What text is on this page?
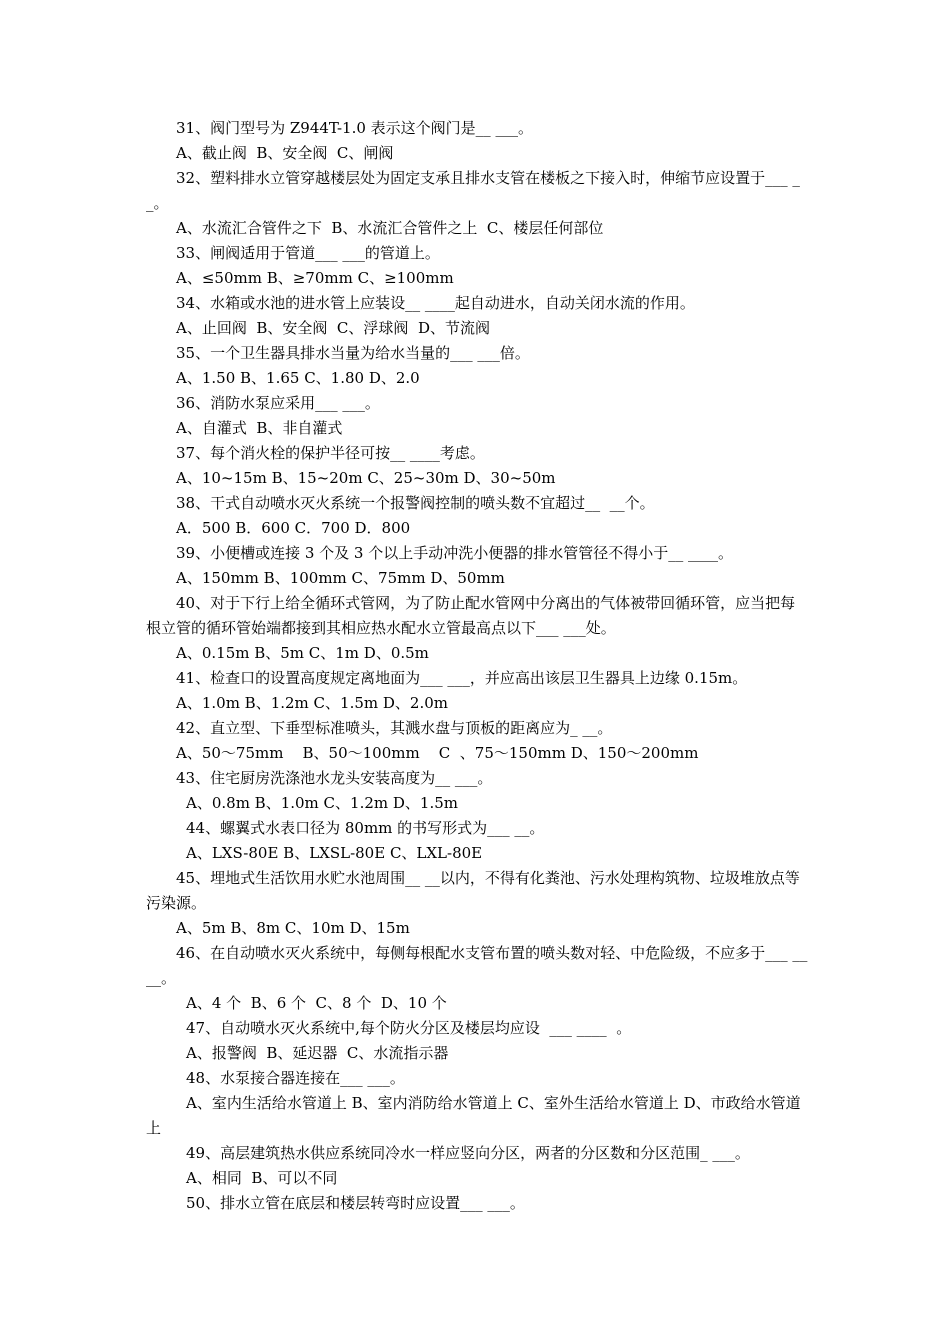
31、阀门型号为 Z944T-1.0 表示这个阀门是__ ___。
A、截止阀  B、安全阀  C、闸阀
32、塑料排水立管穿越楼层处为固定支承且排水支管在楼板之下接入时，伸缩节应设置于___ __。
A、水流汇合管件之下  B、水流汇合管件之上  C、楼层任何部位
33、闸阀适用于管道___ ___的管道上。
A、≤50mm B、≥70mm C、≥100mm
34、水箱或水池的进水管上应装设__ ____起自动进水，自动关闭水流的作用。
A、止回阀  B、安全阀  C、浮球阀  D、节流阀
35、一个卫生器具排水当量为给水当量的___ ___倍。
A、1.50 B、1.65 C、1.80 D、2.0
36、消防水泵应采用___ ___。
A、自灌式  B、非自灌式
37、每个消火栓的保护半径可按__ ____考虑。
A、10~15m B、15~20m C、25~30m D、30~50m
38、干式自动喷水灭火系统一个报警阀控制的喷头数不宜超过__  __个。
A．500 B．600 C．700 D．800
39、小便槽或连接 3 个及 3 个以上手动冲洗小便器的排水管管径不得小于__ ____。
A、150mm B、100mm C、75mm D、50mm
40、对于下行上给全循环式管网，为了防止配水管网中分离出的气体被带回循环管，应当把每根立管的循环管始端都接到其相应热水配水立管最高点以下___ ___处。
A、0.15m B、5m C、1m D、0.5m
41、检查口的设置高度规定离地面为___ ___，并应高出该层卫生器具上边缘 0.15m。
A、1.0m B、1.2m C、1.5m D、2.0m
42、直立型、下垂型标准喷头，其溅水盘与顶板的距离应为_ __。
A、50～75mm    B、50～100mm    C  、75～150mm D、150～200mm
43、住宅厨房洗涤池水龙头安装高度为__ ___。
A、0.8m B、1.0m C、1.2m D、1.5m
44、螺翼式水表口径为 80mm 的书写形式为___ __。
A、LXS-80E B、LXSL-80E C、LXL-80E
45、埋地式生活饮用水贮水池周围__ __以内，不得有化粪池、污水处理构筑物、垃圾堆放点等污染源。
A、5m B、8m C、10m D、15m
46、在自动喷水灭火系统中，每侧每根配水支管布置的喷头数对轻、中危险级，不应多于___ ____。
A、4 个  B、6 个  C、8 个  D、10 个
47、自动喷水灭火系统中,每个防火分区及楼层均应设  ___ ____  。
A、报警阀  B、延迟器  C、水流指示器
48、水泵接合器连接在___ ___。
A、室内生活给水管道上 B、室内消防给水管道上 C、室外生活给水管道上 D、市政给水管道上
49、高层建筑热水供应系统同冷水一样应竖向分区，两者的分区数和分区范围_ ___。
A、相同  B、可以不同
50、排水立管在底层和楼层转弯时应设置___ ___。
